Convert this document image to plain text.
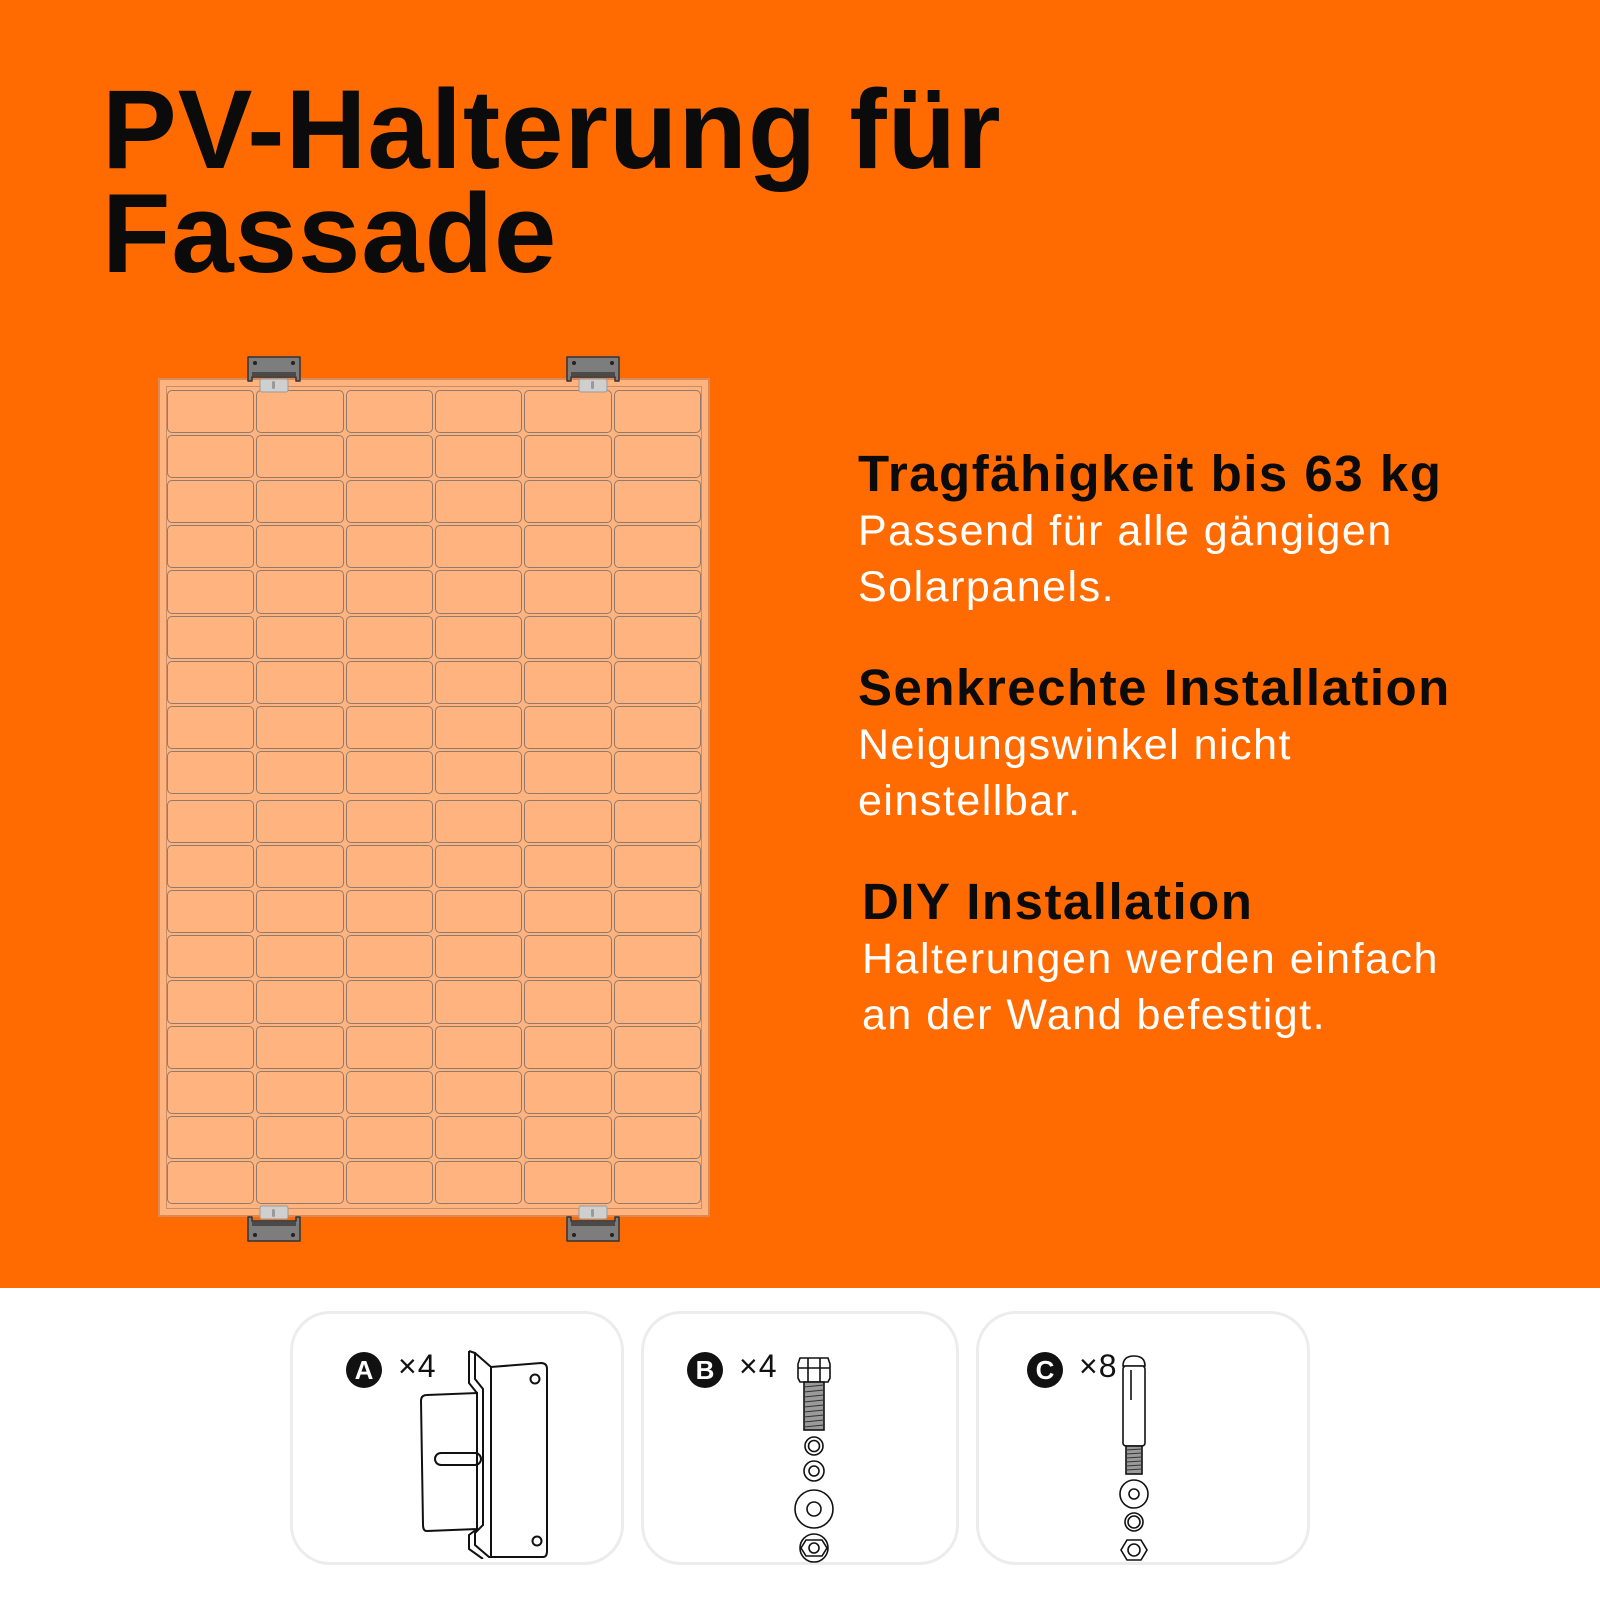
PV-Halterung für
Fassade

Tragfähigkeit bis 63 kg

Passend für alle gängigen

Solarpanels.

Senkrechte Installation

Neigungswinkel nicht

einstellbar.

DIY Installation

Halterungen werden einfach

an der Wand befestigt.

A ×4	B ×4	C ×8
